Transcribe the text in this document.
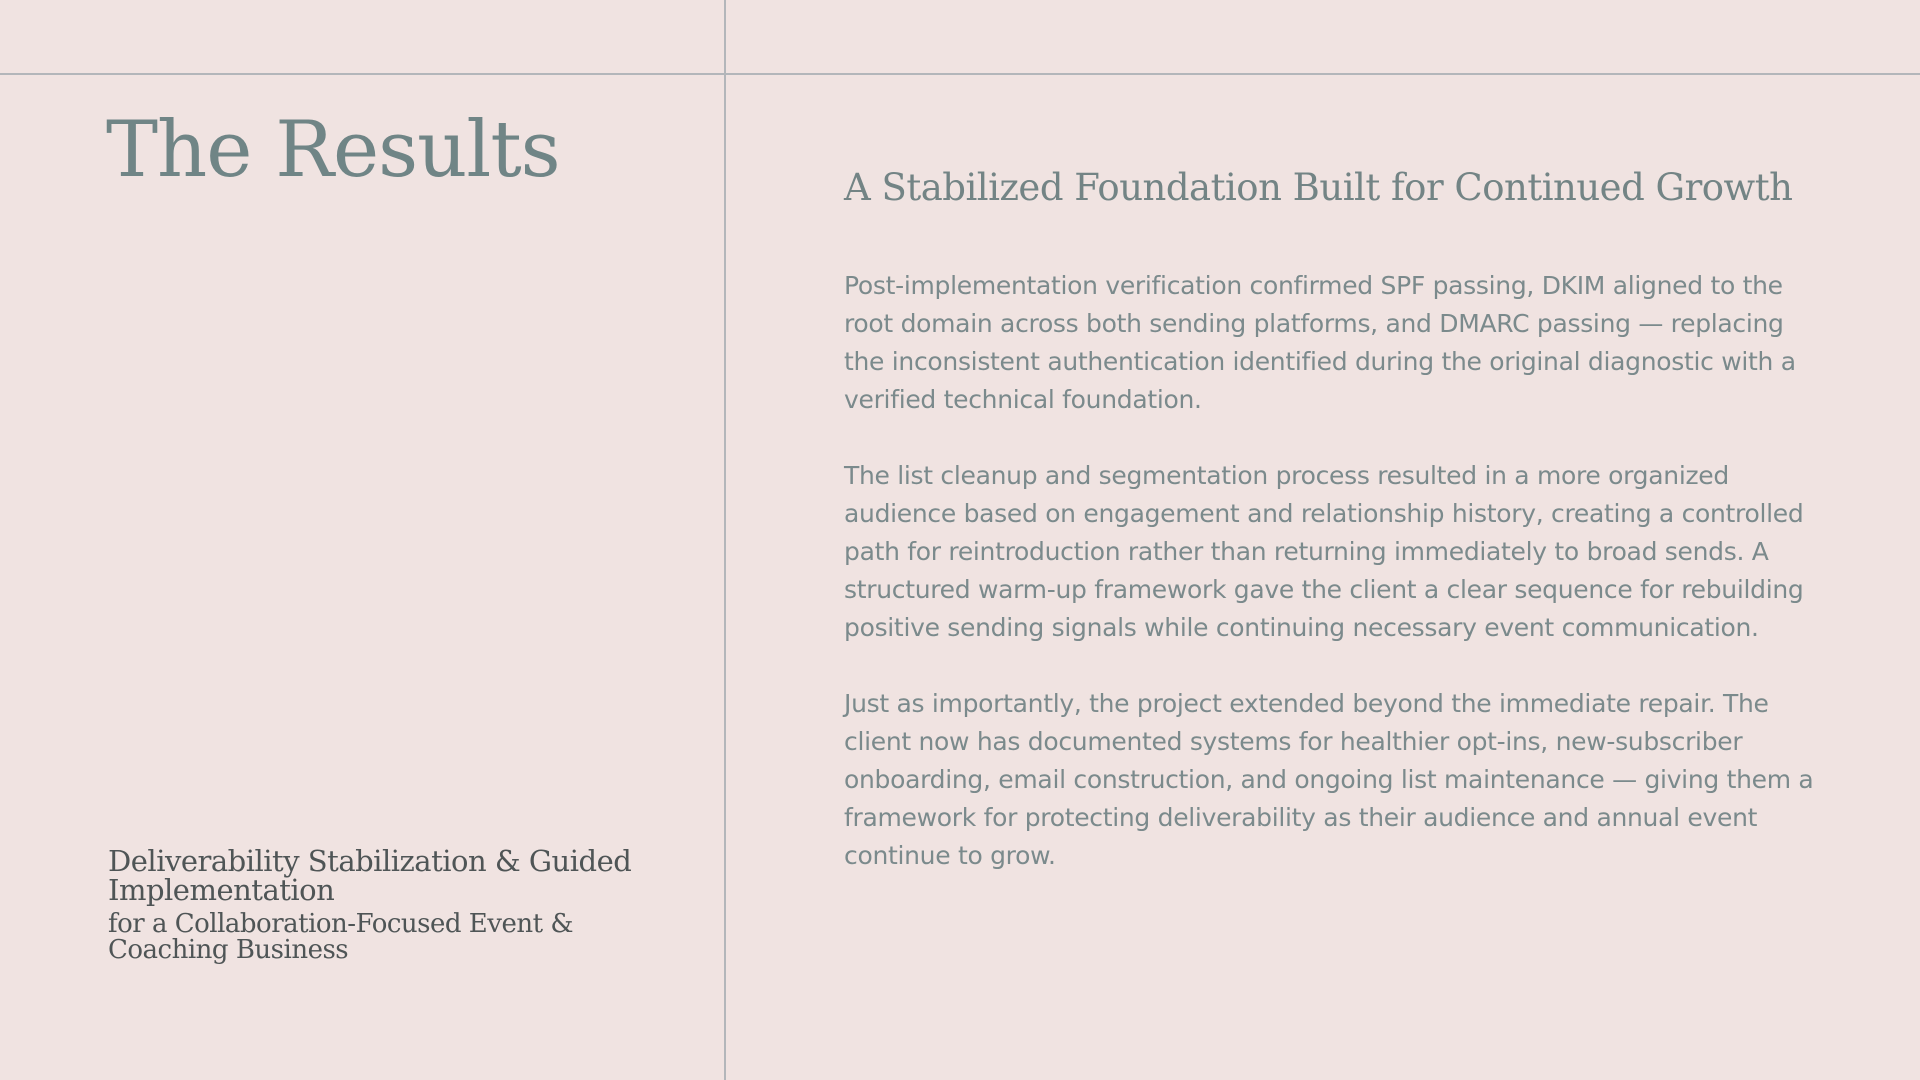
The Results

Deliverability Stabilization & Guided Implementation

for a Collaboration-Focused Event & Coaching Business

A Stabilized Foundation Built for Continued Growth

Post-implementation verification confirmed SPF passing, DKIM aligned to the root domain across both sending platforms, and DMARC passing — replacing the inconsistent authentication identified during the original diagnostic with a verified technical foundation.

The list cleanup and segmentation process resulted in a more organized audience based on engagement and relationship history, creating a controlled path for reintroduction rather than returning immediately to broad sends. A structured warm-up framework gave the client a clear sequence for rebuilding positive sending signals while continuing necessary event communication.

Just as importantly, the project extended beyond the immediate repair. The client now has documented systems for healthier opt-ins, new-subscriber onboarding, email construction, and ongoing list maintenance — giving them a framework for protecting deliverability as their audience and annual event continue to grow.
